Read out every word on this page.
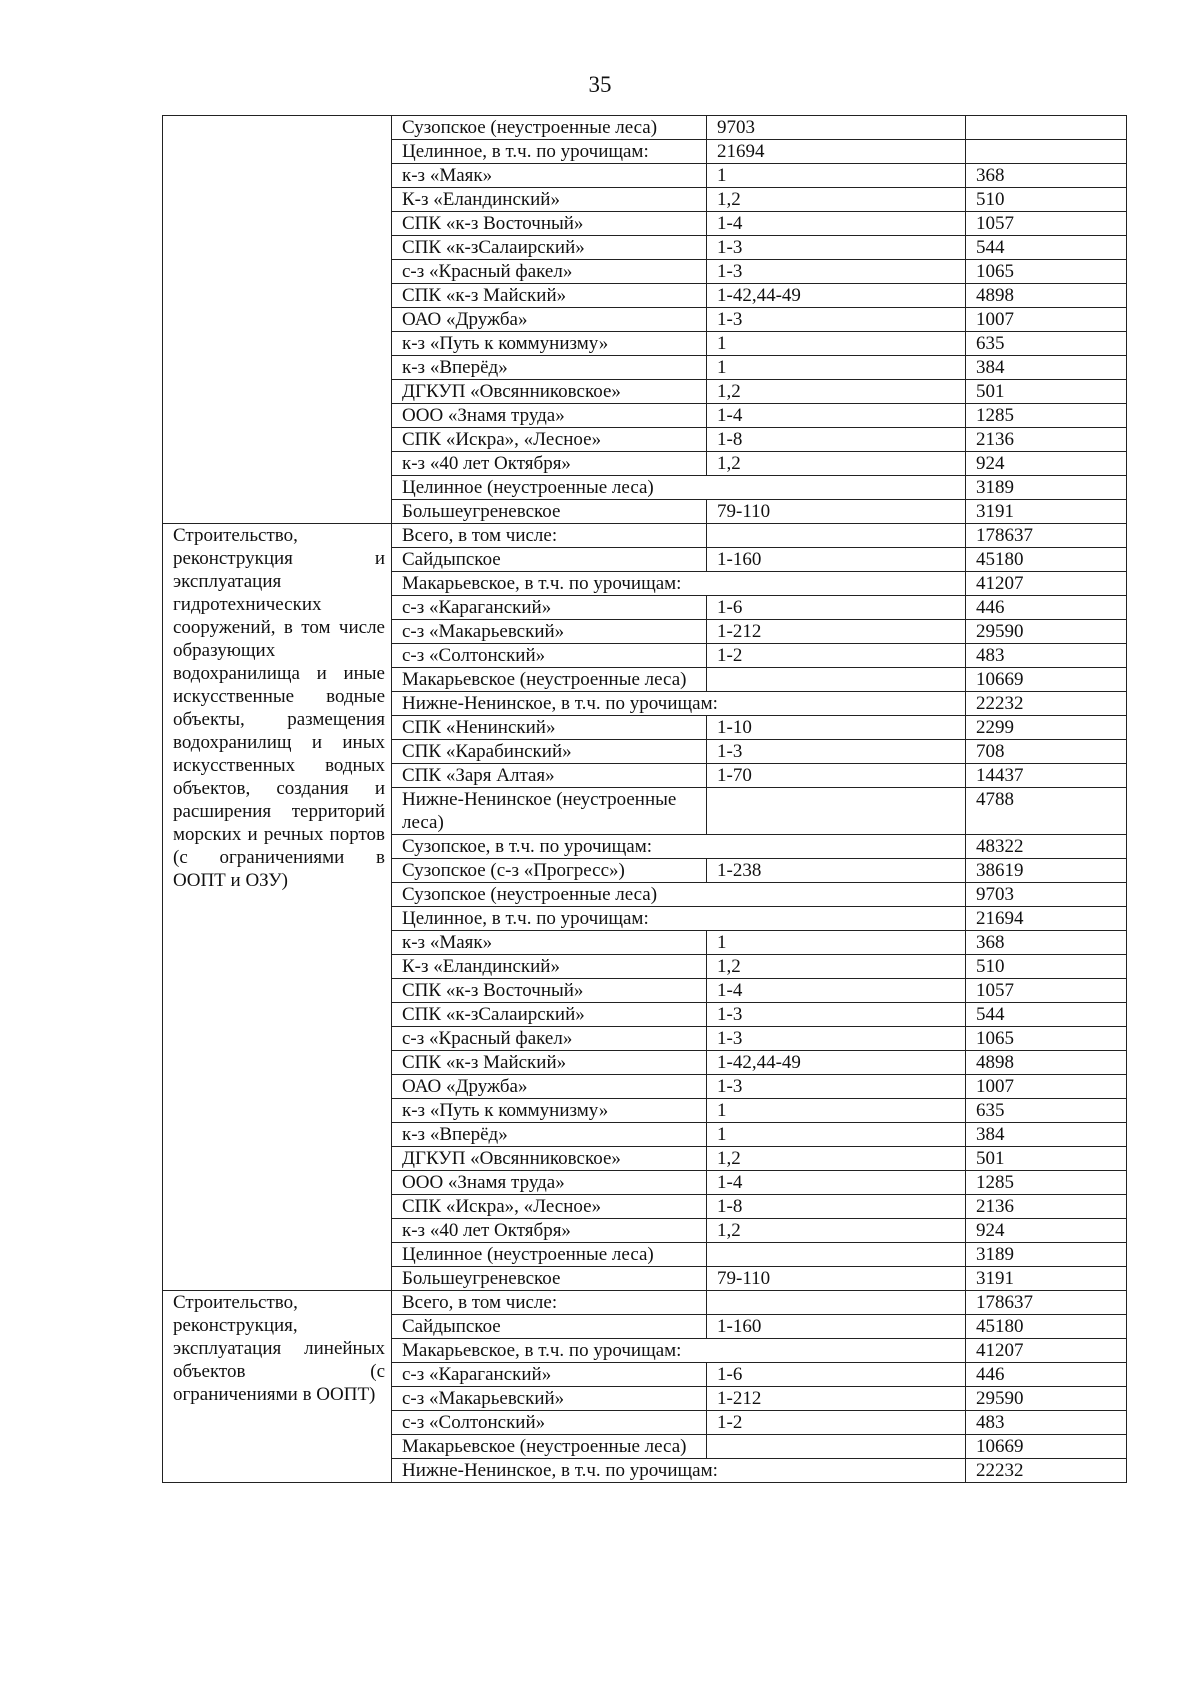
35
	Сузопское (неустроенные леса)	9703	
	Целинное, в т.ч. по урочищам:	21694	
	к-з «Маяк»	1	368
	К-з «Еландинский»	1,2	510
	СПК «к-з Восточный»	1-4	1057
	СПК «к-зСалаирский»	1-3	544
	с-з «Красный факел»	1-3	1065
	СПК «к-з Майский»	1-42,44-49	4898
	ОАО «Дружба»	1-3	1007
	к-з «Путь к коммунизму»	1	635
	к-з «Вперёд»	1	384
	ДГКУП «Овсянниковское»	1,2	501
	ООО «Знамя труда»	1-4	1285
	СПК «Искра», «Лесное»	1-8	2136
	к-з «40 лет Октября»	1,2	924
	Целинное (неустроенные леса)		3189
	Большеугреневское	79-110	3191
Строительство, реконструкция и эксплуатация гидротехнических сооружений, в том числе образующих водохранилища и иные искусственные водные объекты, размещения водохранилищ и иных искусственных водных объектов, создания и расширения территорий морских и речных портов (с ограничениями в ООПТ и ОЗУ)	Всего, в том числе:		178637
	Сайдыпское	1-160	45180
	Макарьевское, в т.ч. по урочищам:		41207
	с-з «Караганский»	1-6	446
	с-з «Макарьевский»	1-212	29590
	с-з «Солтонский»	1-2	483
	Макарьевское (неустроенные леса)		10669
	Нижне-Ненинское, в т.ч. по урочищам:		22232
	СПК «Ненинский»	1-10	2299
	СПК «Карабинский»	1-3	708
	СПК «Заря Алтая»	1-70	14437
	Нижне-Ненинское (неустроенные леса)		4788
	Сузопское, в т.ч. по урочищам:		48322
	Сузопское (с-з «Прогресс»)	1-238	38619
	Сузопское (неустроенные леса)		9703
	Целинное, в т.ч. по урочищам:		21694
	к-з «Маяк»	1	368
	К-з «Еландинский»	1,2	510
	СПК «к-з Восточный»	1-4	1057
	СПК «к-зСалаирский»	1-3	544
	с-з «Красный факел»	1-3	1065
	СПК «к-з Майский»	1-42,44-49	4898
	ОАО «Дружба»	1-3	1007
	к-з «Путь к коммунизму»	1	635
	к-з «Вперёд»	1	384
	ДГКУП «Овсянниковское»	1,2	501
	ООО «Знамя труда»	1-4	1285
	СПК «Искра», «Лесное»	1-8	2136
	к-з «40 лет Октября»	1,2	924
	Целинное (неустроенные леса)		3189
	Большеугреневское	79-110	3191
Строительство, реконструкция, эксплуатация линейных объектов (с ограничениями в ООПТ)	Всего, в том числе:		178637
	Сайдыпское	1-160	45180
	Макарьевское, в т.ч. по урочищам:		41207
	с-з «Караганский»	1-6	446
	с-з «Макарьевский»	1-212	29590
	с-з «Солтонский»	1-2	483
	Макарьевское (неустроенные леса)		10669
	Нижне-Ненинское, в т.ч. по урочищам:		22232
